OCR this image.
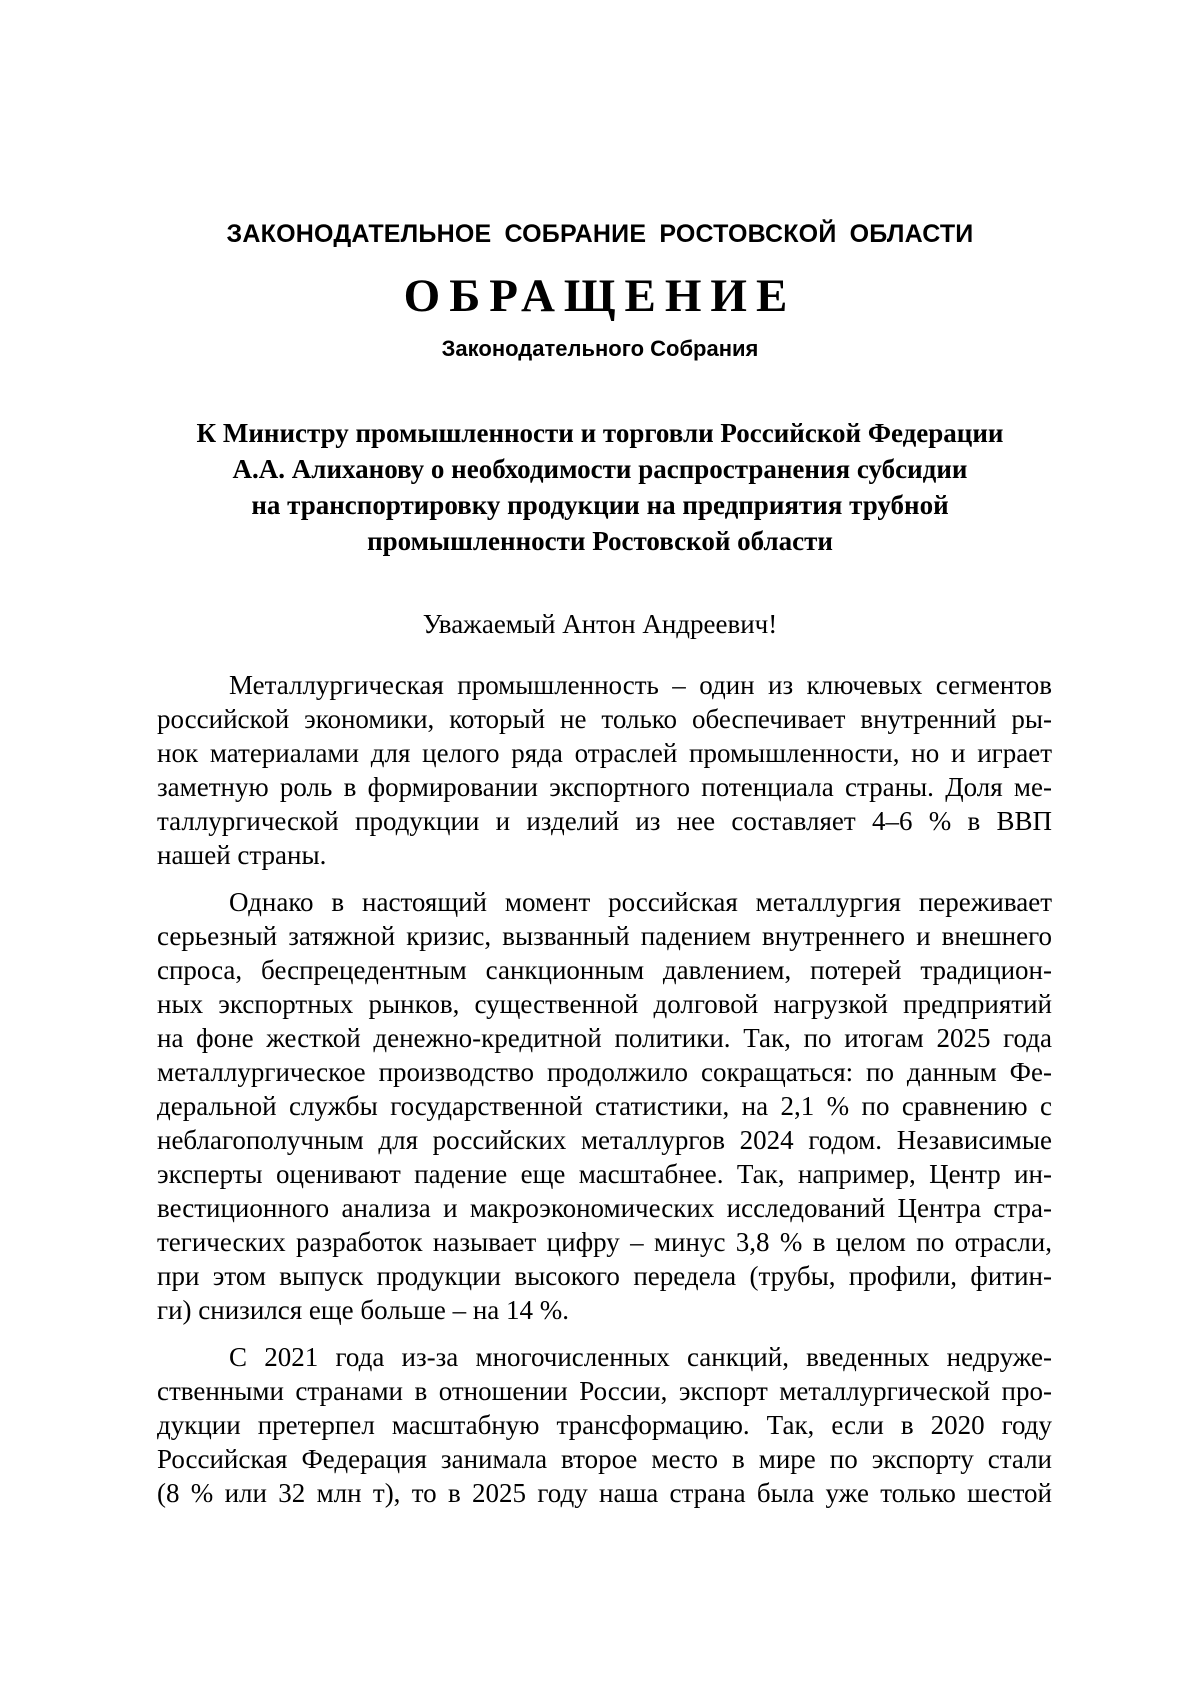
ЗАКОНОДАТЕЛЬНОЕ СОБРАНИЕ РОСТОВСКОЙ ОБЛАСТИ
ОБРАЩЕНИЕ
Законодательного Собрания
К Министру промышленности и торговли Российской Федерации
А.А. Алиханову о необходимости распространения субсидии
на транспортировку продукции на предприятия трубной
промышленности Ростовской области
Уважаемый Антон Андреевич!
Металлургическая промышленность – один из ключевых сегментов
российской экономики, который не только обеспечивает внутренний ры-
нок материалами для целого ряда отраслей промышленности, но и играет
заметную роль в формировании экспортного потенциала страны. Доля ме-
таллургической продукции и изделий из нее составляет 4–6 % в ВВП
нашей страны.
Однако в настоящий момент российская металлургия переживает
серьезный затяжной кризис, вызванный падением внутреннего и внешнего
спроса, беспрецедентным санкционным давлением, потерей традицион-
ных экспортных рынков, существенной долговой нагрузкой предприятий
на фоне жесткой денежно-кредитной политики. Так, по итогам 2025 года
металлургическое производство продолжило сокращаться: по данным Фе-
деральной службы государственной статистики, на 2,1 % по сравнению с
неблагополучным для российских металлургов 2024 годом. Независимые
эксперты оценивают падение еще масштабнее. Так, например, Центр ин-
вестиционного анализа и макроэкономических исследований Центра стра-
тегических разработок называет цифру – минус 3,8 % в целом по отрасли,
при этом выпуск продукции высокого передела (трубы, профили, фитин-
ги) снизился еще больше – на 14 %.
С 2021 года из-за многочисленных санкций, введенных недруже-
ственными странами в отношении России, экспорт металлургической про-
дукции претерпел масштабную трансформацию. Так, если в 2020 году
Российская Федерация занимала второе место в мире по экспорту стали
(8 % или 32 млн т), то в 2025 году наша страна была уже только шестой
